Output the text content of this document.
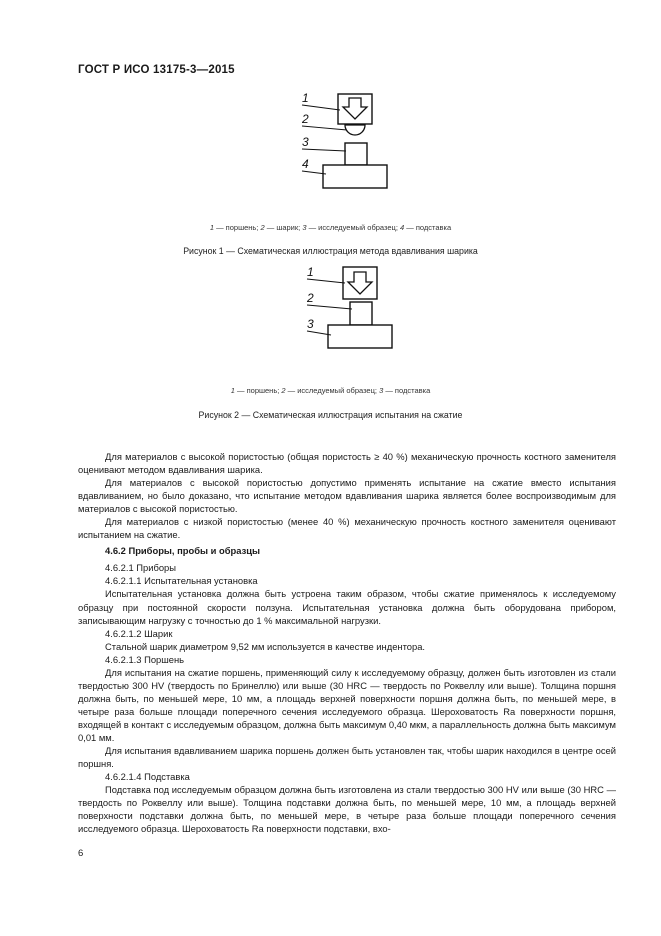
ГОСТ Р ИСО 13175-3—2015
1
2
3
4
1 — поршень; 2 — шарик; 3 — исследуемый образец; 4 — подставка
Рисунок 1 — Схематическая иллюстрация метода вдавливания шарика
1
2
3
1 — поршень; 2 — исследуемый образец; 3 — подставка
Рисунок 2 — Схематическая иллюстрация испытания на сжатие

Для материалов с высокой пористостью (общая пористость ≥ 40 %) механическую прочность костного заменителя оценивают методом вдавливания шарика.

Для материалов с высокой пористостью допустимо применять испытание на сжатие вместо испытания вдавливанием, но было доказано, что испытание методом вдавливания шарика является более воспроизводимым для материалов с высокой пористостью.

Для материалов с низкой пористостью (менее 40 %) механическую прочность костного заменителя оценивают испытанием на сжатие.

4.6.2 Приборы, пробы и образцы
4.6.2.1 Приборы
4.6.2.1.1 Испытательная установка

Испытательная установка должна быть устроена таким образом, чтобы сжатие применялось к исследуемому образцу при постоянной скорости ползуна. Испытательная установка должна быть оборудована прибором, записывающим нагрузку с точностью до 1 % максимальной нагрузки.

4.6.2.1.2 Шарик

Стальной шарик диаметром 9,52 мм используется в качестве индентора.

4.6.2.1.3 Поршень

Для испытания на сжатие поршень, применяющий силу к исследуемому образцу, должен быть изготовлен из стали твердостью 300 HV (твердость по Бринеллю) или выше (30 HRC — твердость по Роквеллу или выше). Толщина поршня должна быть, по меньшей мере, 10 мм, а площадь верхней поверхности поршня должна быть, по меньшей мере, в четыре раза больше площади поперечного сечения исследуемого образца. Шероховатость Ra поверхности поршня, входящей в контакт с исследуемым образцом, должна быть максимум 0,40 мкм, а параллельность должна быть максимум 0,01 мм.

Для испытания вдавливанием шарика поршень должен быть установлен так, чтобы шарик находился в центре осей поршня.

4.6.2.1.4 Подставка

Подставка под исследуемым образцом должна быть изготовлена из стали твердостью 300 HV или выше (30 HRC — твердость по Роквеллу или выше). Толщина подставки должна быть, по меньшей мере, 10 мм, а площадь верхней поверхности подставки должна быть, по меньшей мере, в четыре раза больше площади поперечного сечения исследуемого образца. Шероховатость Ra поверхности подставки, вхо-

6
